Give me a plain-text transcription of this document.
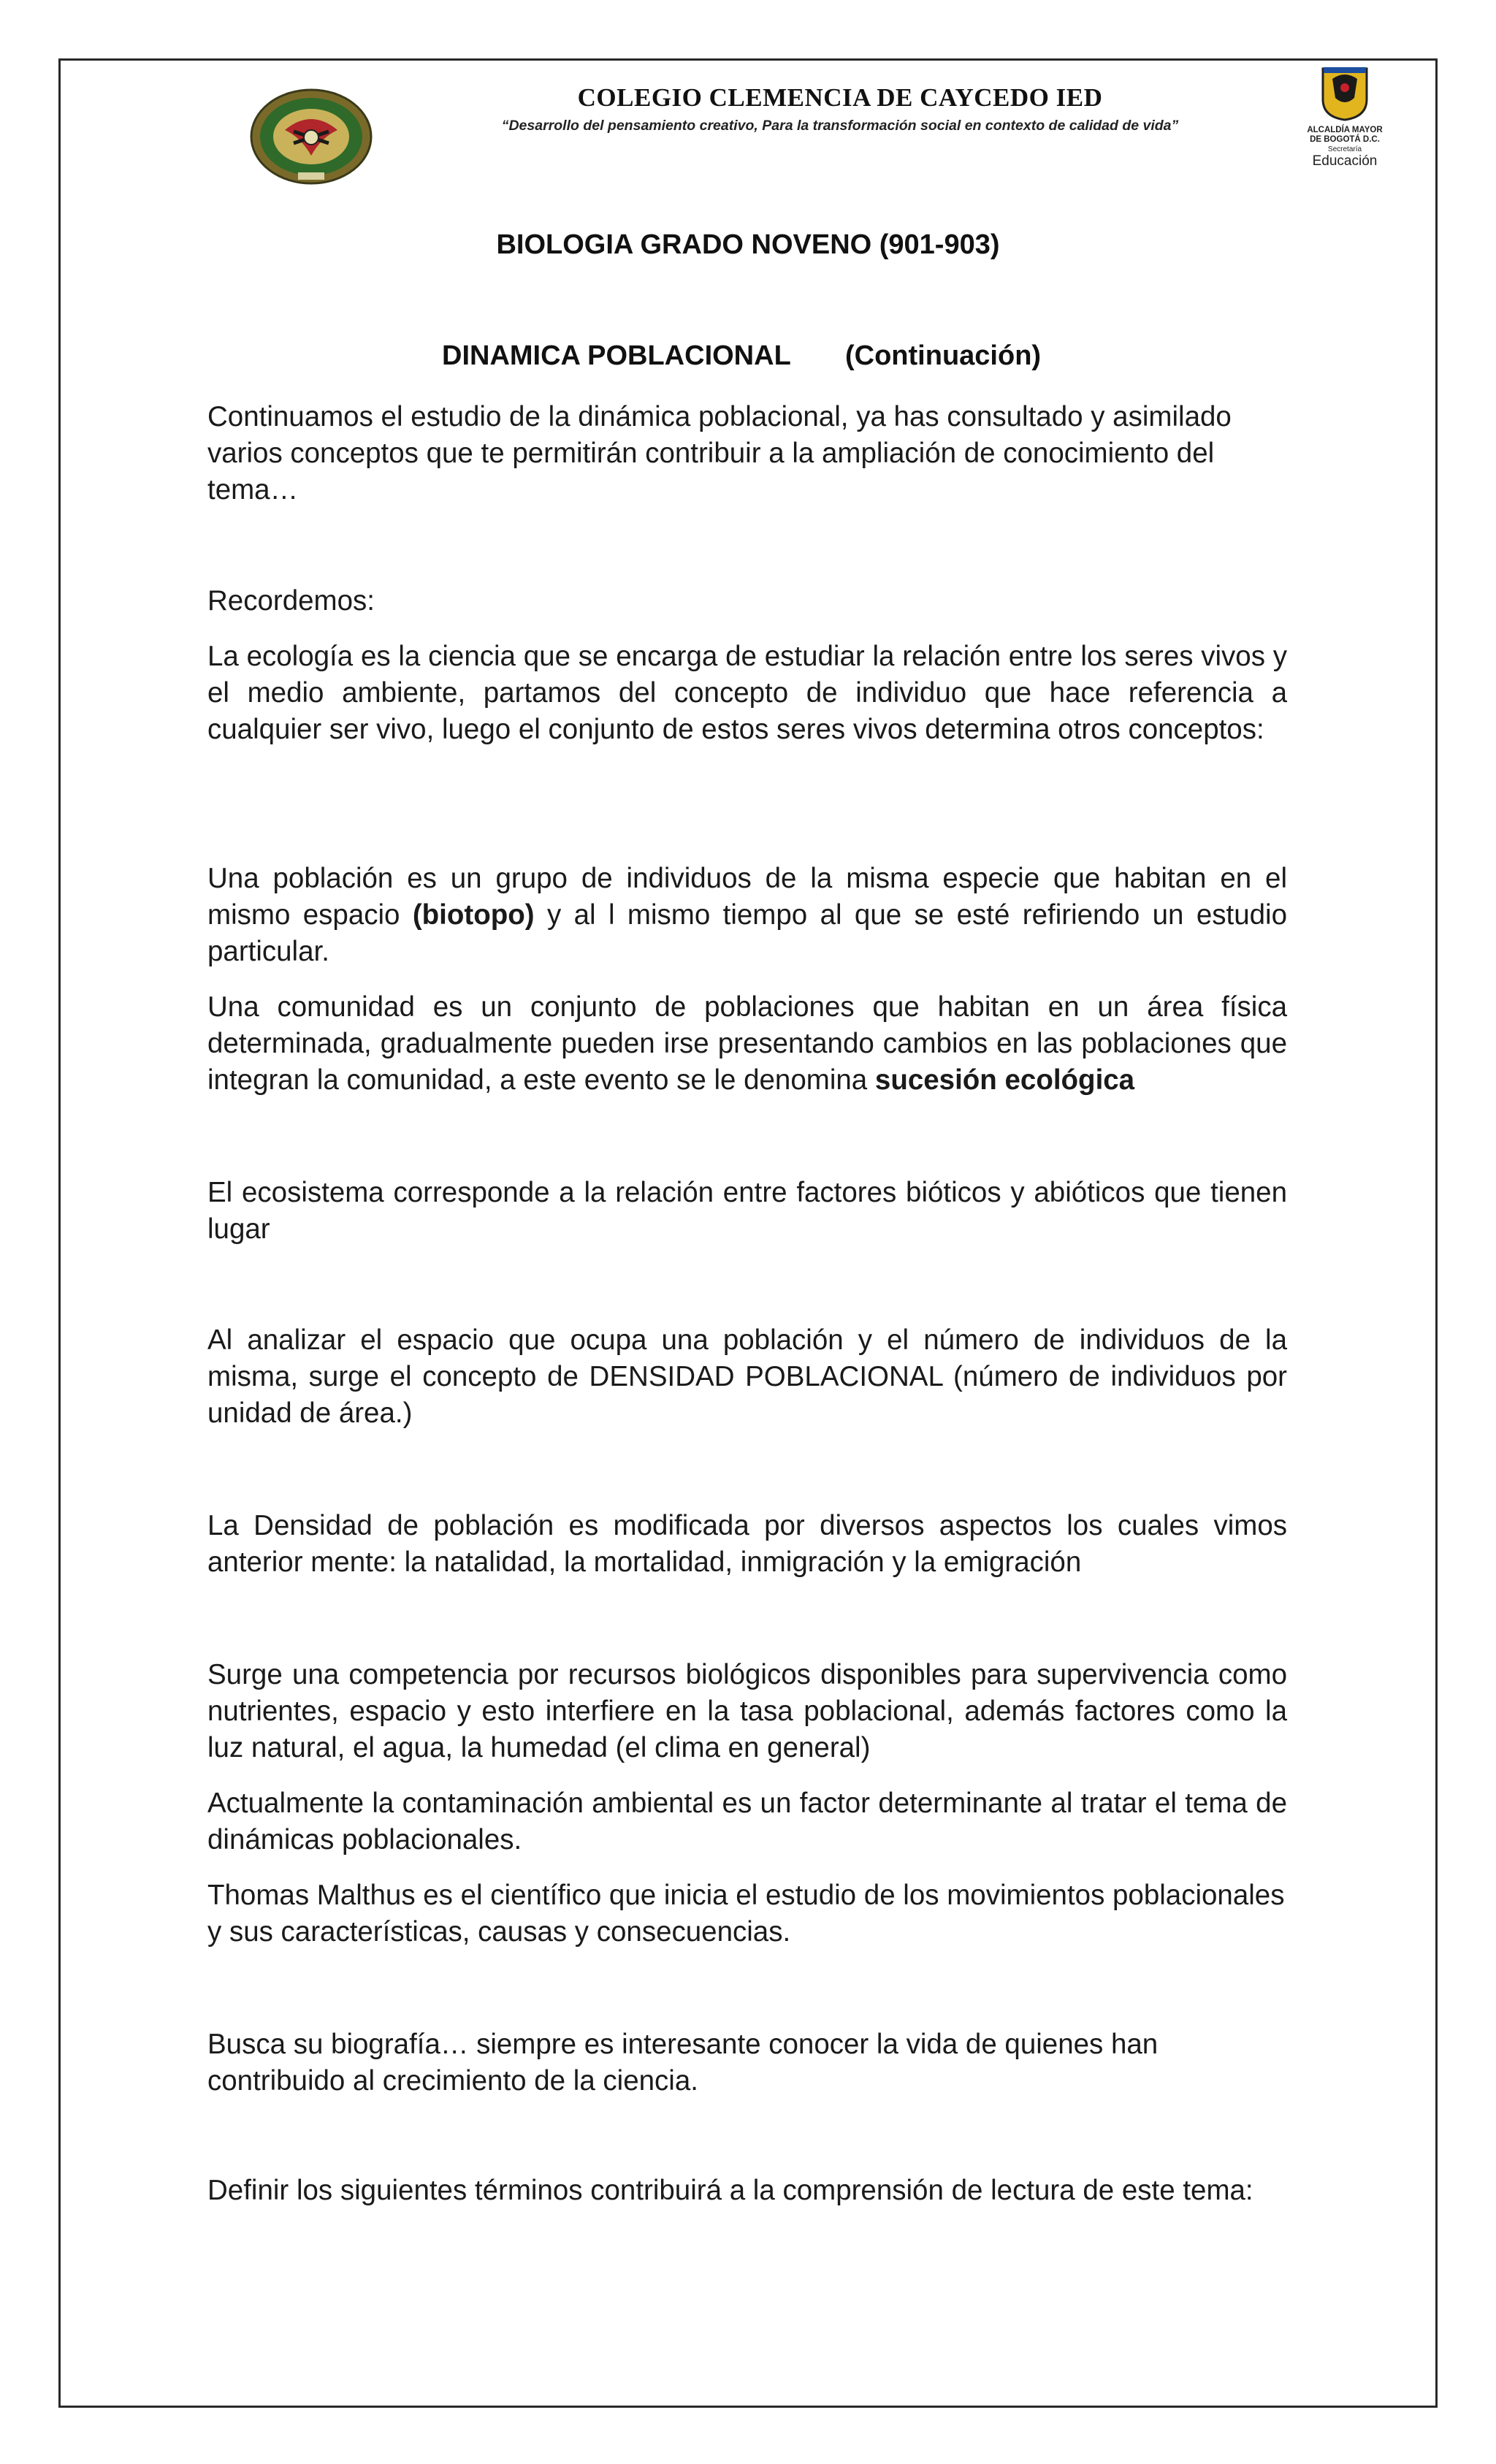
ALCALDÍA MAYOR
DE BOGOTÁ D.C.
Secretaría
Educación
COLEGIO CLEMENCIA DE CAYCEDO IED
“Desarrollo del pensamiento creativo, Para la transformación social en contexto de calidad de vida”
BIOLOGIA GRADO NOVENO (901-903)
DINAMICA POBLACIONAL (Continuación)
Continuamos el estudio de la dinámica poblacional, ya has consultado y asimilado varios conceptos que te permitirán contribuir a la ampliación de conocimiento del tema…
Recordemos:
La ecología es la ciencia que se encarga de estudiar la relación entre los seres vivos y el medio ambiente, partamos del concepto de individuo que hace referencia a cualquier ser vivo, luego el conjunto de estos seres vivos determina otros conceptos:
Una población es un grupo de individuos de la misma especie que habitan en el mismo espacio (biotopo) y al l mismo tiempo al que se esté refiriendo un estudio particular.
Una comunidad es un conjunto de poblaciones que habitan en un área física determinada, gradualmente pueden irse presentando cambios en las poblaciones que integran la comunidad, a este evento se le denomina sucesión ecológica
El ecosistema corresponde a la relación entre factores bióticos y abióticos que tienen lugar
Al analizar el espacio que ocupa una población y el número de individuos de la misma, surge el concepto de DENSIDAD POBLACIONAL (número de individuos por unidad de área.)
La Densidad de población es modificada por diversos aspectos los cuales vimos anterior mente: la natalidad, la mortalidad, inmigración y la emigración
Surge una competencia por recursos biológicos disponibles para supervivencia como nutrientes, espacio y esto interfiere en la tasa poblacional, además factores como la luz natural, el agua, la humedad (el clima en general)
Actualmente la contaminación ambiental es un factor determinante al tratar el tema de dinámicas poblacionales.
Thomas Malthus es el científico que inicia el estudio de los movimientos poblacionales y sus características, causas y consecuencias.
Busca su biografía… siempre es interesante conocer la vida de quienes han contribuido al crecimiento de la ciencia.
Definir los siguientes términos contribuirá a la comprensión de lectura de este tema:
